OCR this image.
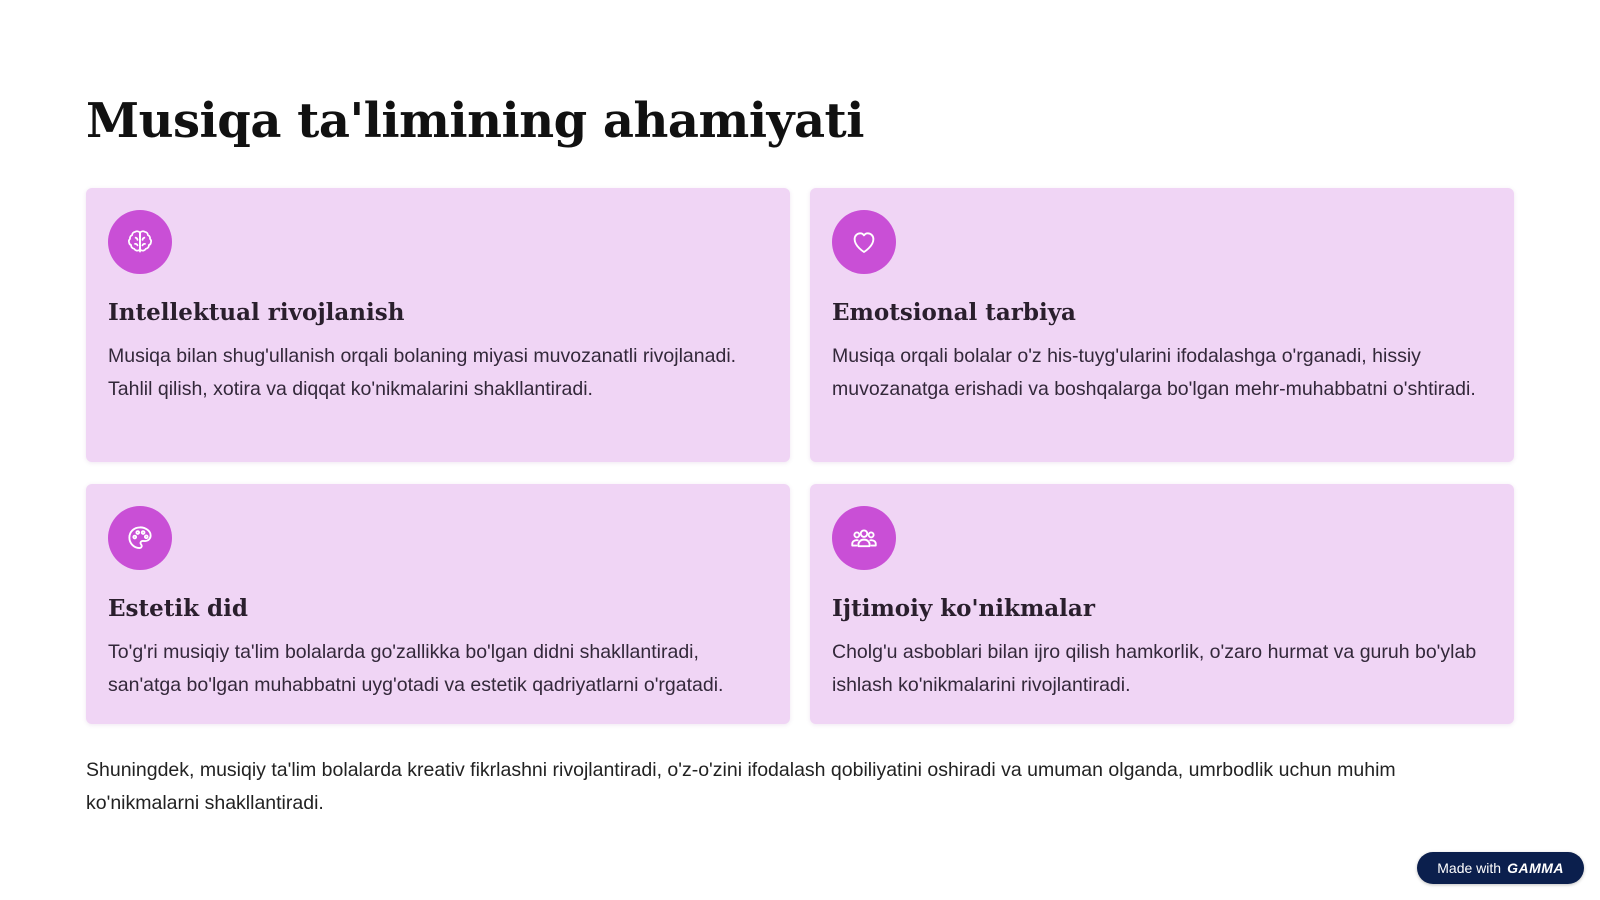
Musiqa ta'limining ahamiyati
Intellektual rivojlanish

Musiqa bilan shug'ullanish orqali bolaning miyasi muvozanatli rivojlanadi. Tahlil qilish, xotira va diqqat ko'nikmalarini shakllantiradi.

Emotsional tarbiya

Musiqa orqali bolalar o'z his-tuyg'ularini ifodalashga o'rganadi, hissiy muvozanatga erishadi va boshqalarga bo'lgan mehr-muhabbatni o'shtiradi.

Estetik did

To'g'ri musiqiy ta'lim bolalarda go'zallikka bo'lgan didni shakllantiradi, san'atga bo'lgan muhabbatni uyg'otadi va estetik qadriyatlarni o'rgatadi.

Ijtimoiy ko'nikmalar

Cholg'u asboblari bilan ijro qilish hamkorlik, o'zaro hurmat va guruh bo'ylab ishlash ko'nikmalarini rivojlantiradi.

Shuningdek, musiqiy ta'lim bolalarda kreativ fikrlashni rivojlantiradi, o'z-o'zini ifodalash qobiliyatini oshiradi va umuman olganda, umrbodlik uchun muhim ko'nikmalarni shakllantiradi.

Made with GAMMA
